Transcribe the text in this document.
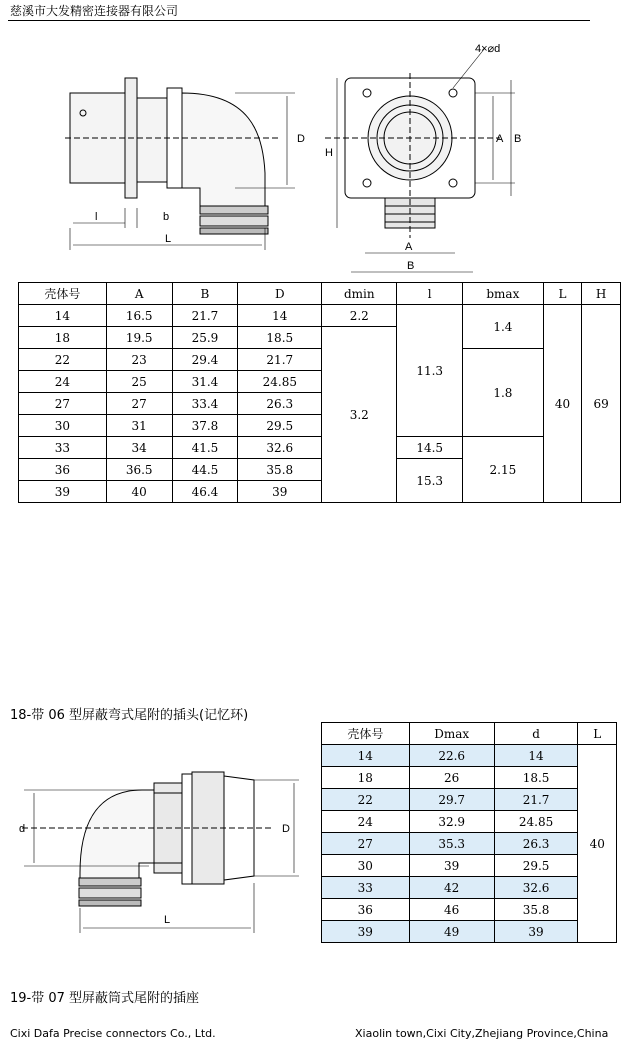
慈溪市大发精密连接器有限公司
D
l	b
L
H
A B
A
B
4×⌀d
壳体号	A	B	D	dmin	l	bmax	L	H
14	16.5	21.7	14	2.2	11.3	1.4	40	69
18	19.5	25.9	18.5	3.2				
22	23	29.4	21.7			1.8		
24	25	31.4	24.85					
27	27	33.4	26.3					
30	31	37.8	29.5					
33	34	41.5	32.6		14.5	2.15		
36	36.5	44.5	35.8		15.3			
39	40	46.4	39					
18-带 06 型屏蔽弯式尾附的插头(记忆环)
d	D
L
壳体号	Dmax	d	L
14	22.6	14	40
18	26	18.5	
22	29.7	21.7	
24	32.9	24.85	
27	35.3	26.3	
30	39	29.5	
33	42	32.6	
36	46	35.8	
39	49	39	
19-带 07 型屏蔽筒式尾附的插座
Cixi Dafa Precise connectors Co., Ltd.	Xiaolin town,Cixi City,Zhejiang Province,China
